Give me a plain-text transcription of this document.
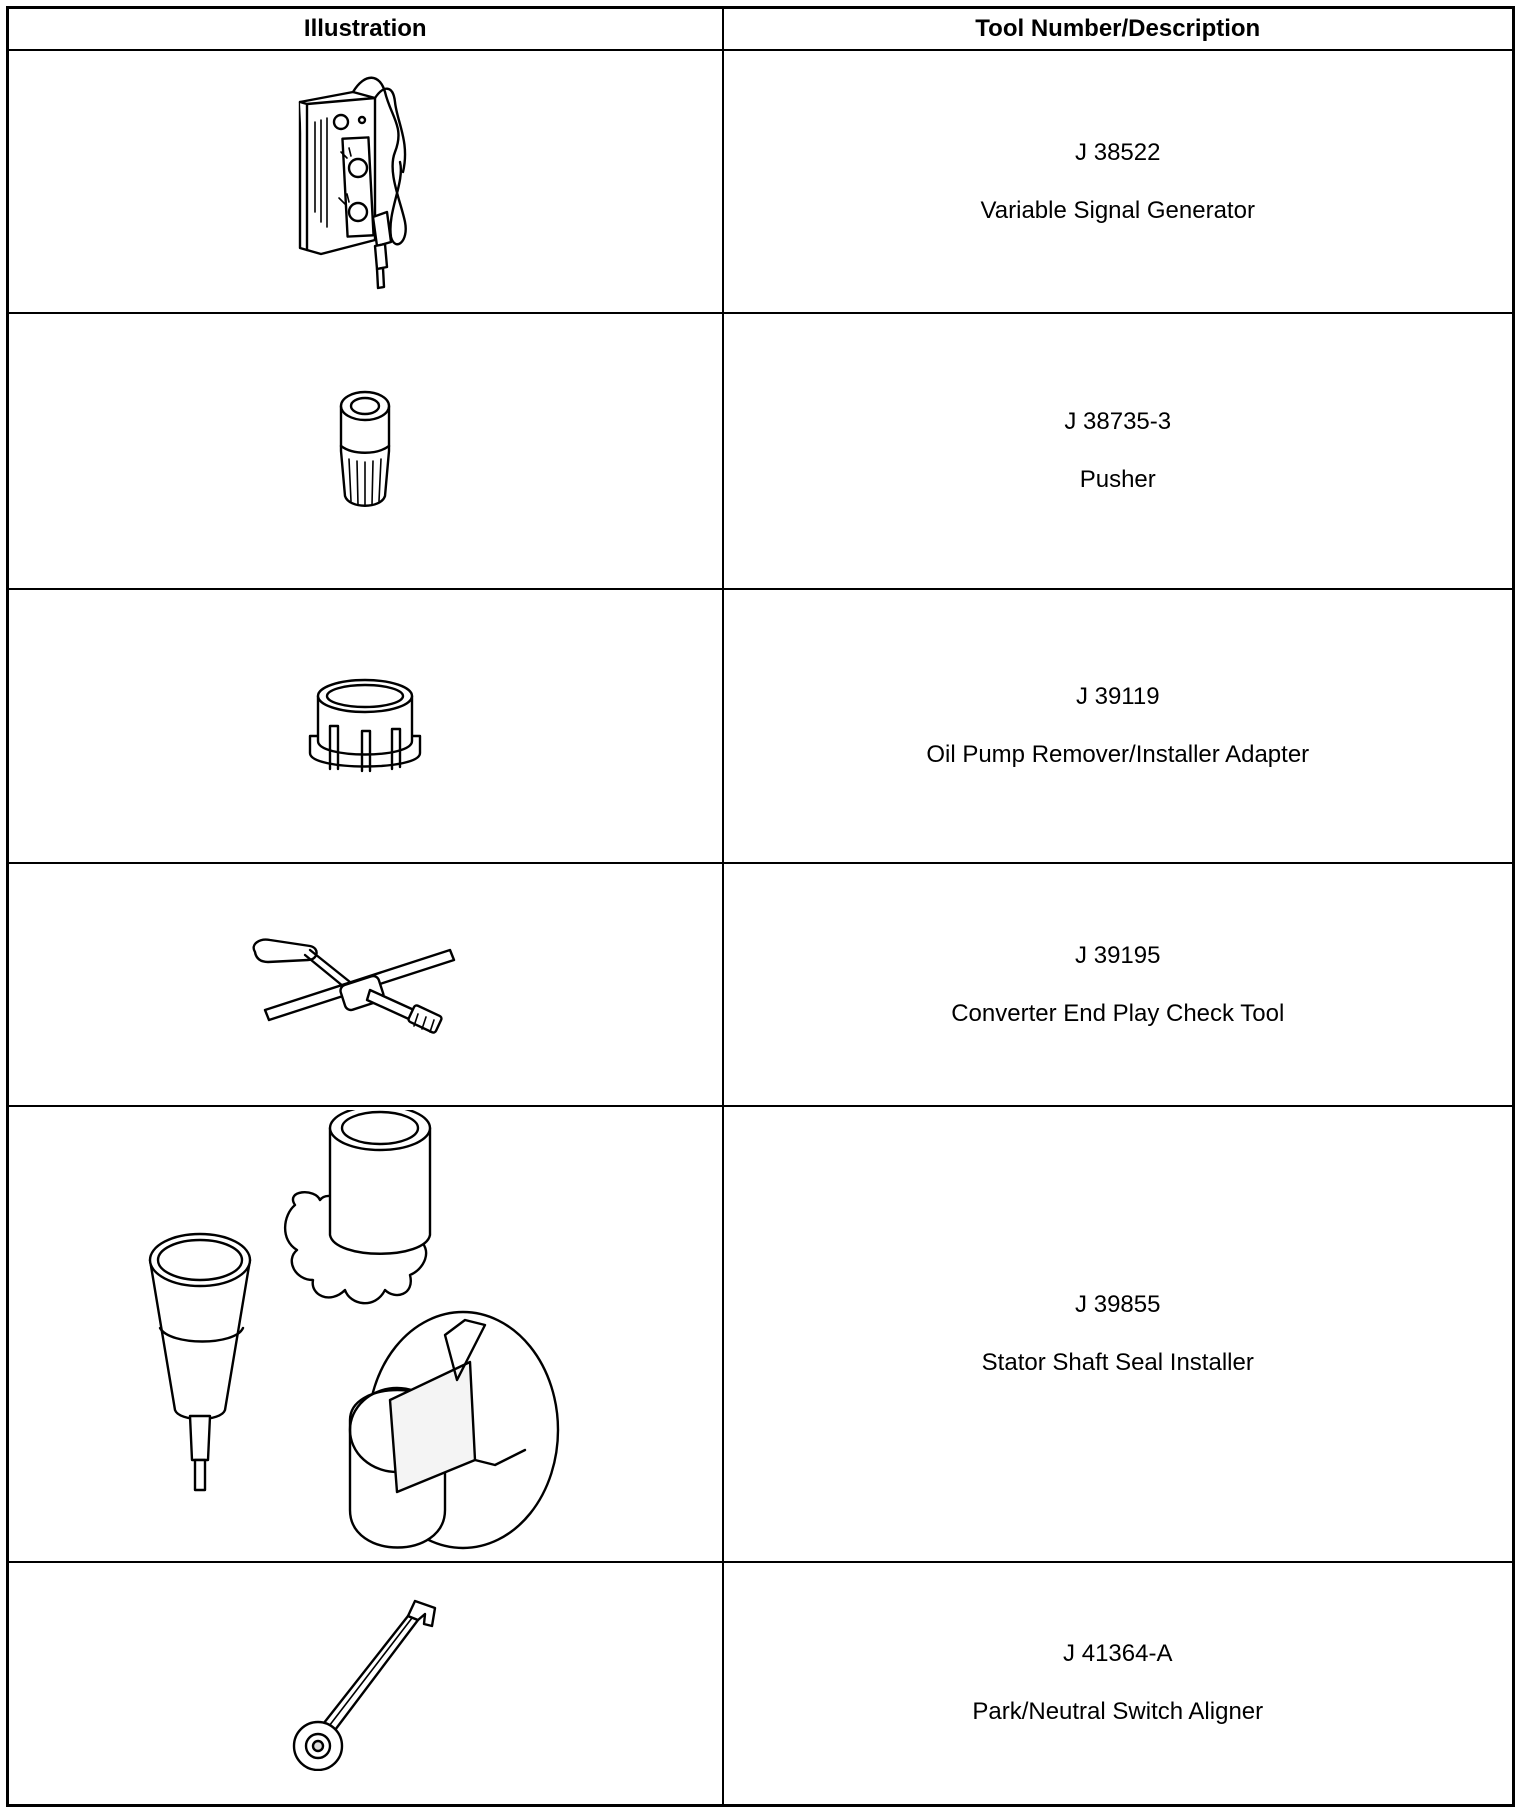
Illustration	Tool Number/Description

J 38522
Variable Signal Generator

J 38735-3
Pusher

J 39119
Oil Pump Remover/Installer Adapter

J 39195
Converter End Play Check Tool

J 39855
Stator Shaft Seal Installer

J 41364-A
Park/Neutral Switch Aligner
